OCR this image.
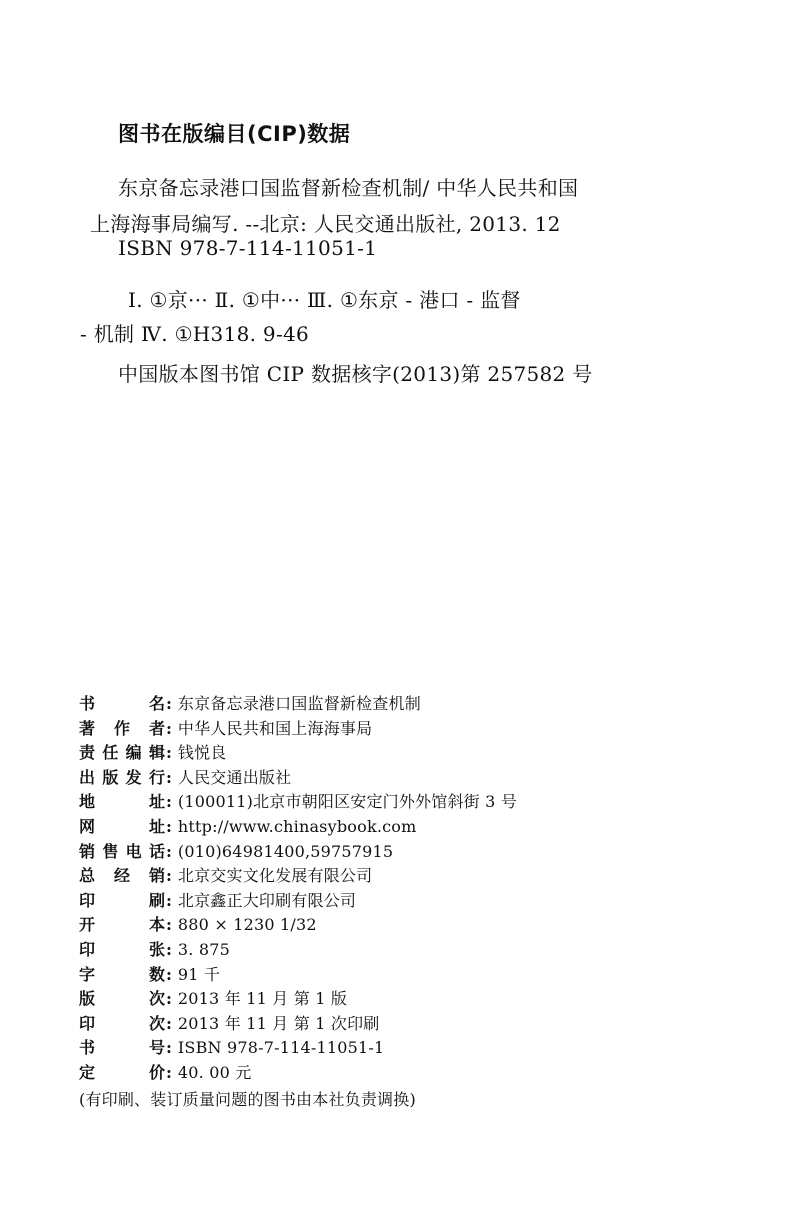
图书在版编目(CIP)数据
东京备忘录港口国监督新检查机制/ 中华人民共和国
上海海事局编写. --北京: 人民交通出版社, 2013. 12
ISBN 978-7-114-11051-1
Ⅰ. ①京··· Ⅱ. ①中··· Ⅲ. ①东京 - 港口 - 监督
- 机制 Ⅳ. ①H318. 9-46
中国版本图书馆 CIP 数据核字(2013)第 257582 号
书 名 : 东京备忘录港口国监督新检查机制
著 作 者 : 中华人民共和国上海海事局
责任编辑 : 钱悦良
出版发行 : 人民交通出版社
地 址 : (100011)北京市朝阳区安定门外外馆斜街 3 号
网 址 : http://www.chinasybook.com
销售电话 : (010)64981400,59757915
总 经 销 : 北京交实文化发展有限公司
印 刷 : 北京鑫正大印刷有限公司
开 本 : 880 × 1230 1/32
印 张 : 3. 875
字 数 : 91 千
版 次 : 2013 年 11 月 第 1 版
印 次 : 2013 年 11 月 第 1 次印刷
书 号 : ISBN 978-7-114-11051-1
定 价 : 40. 00 元
(有印刷、装订质量问题的图书由本社负责调换)
